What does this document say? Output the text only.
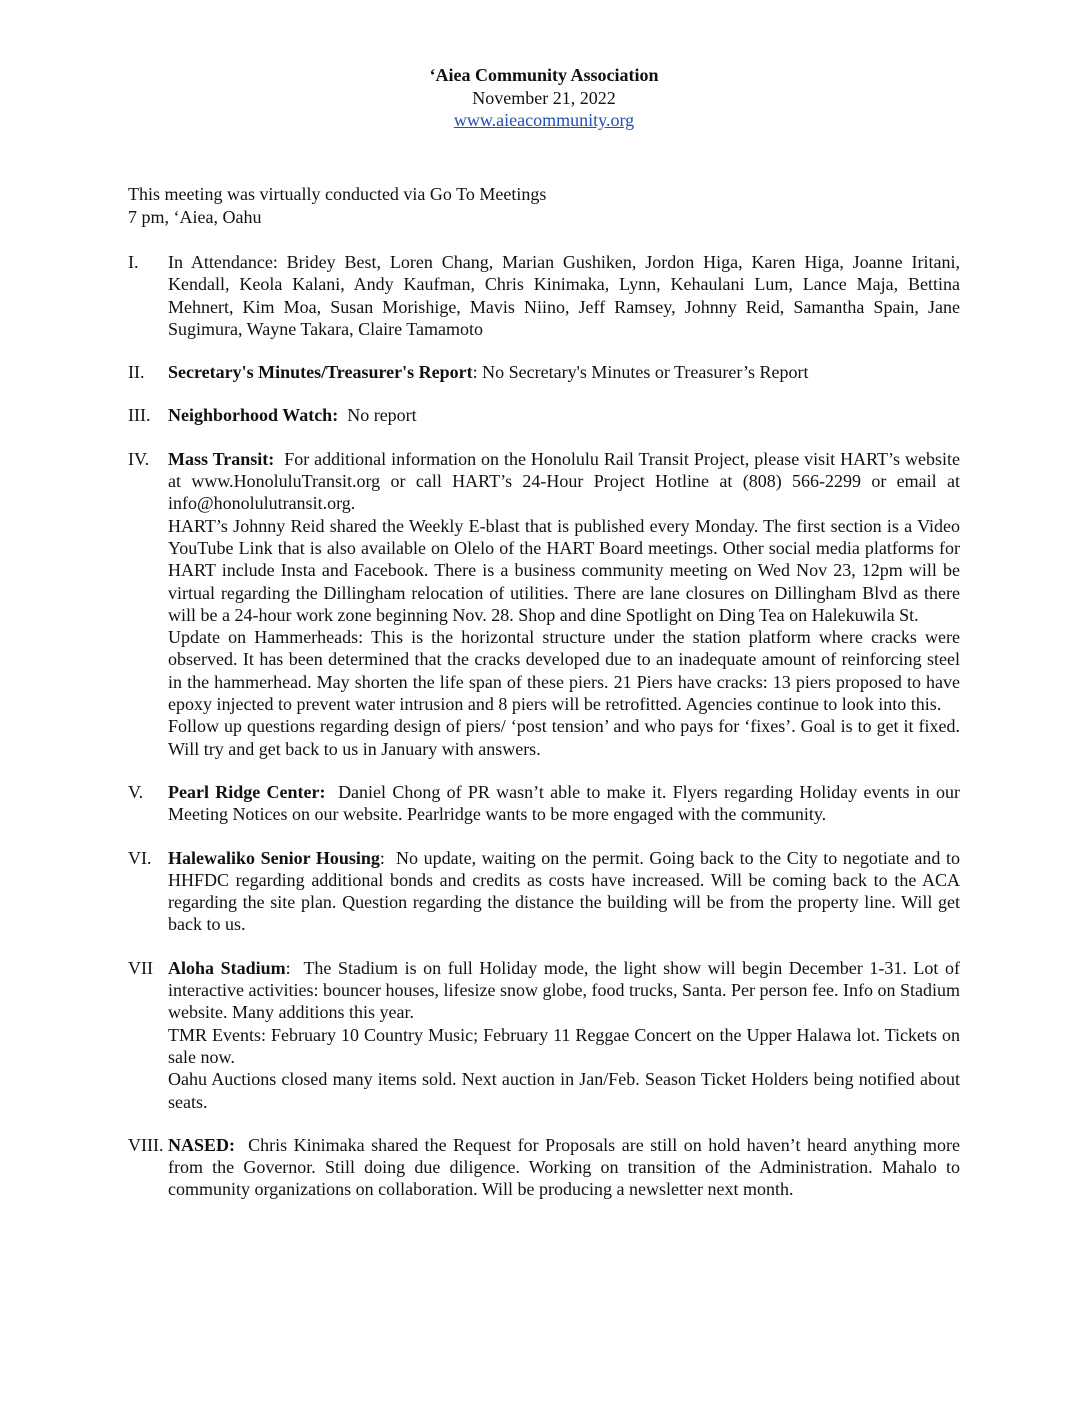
‘Aiea Community Association
November 21, 2022
www.aieacommunity.org
This meeting was virtually conducted via Go To Meetings
7 pm, ‘Aiea, Oahu
I. In Attendance: Bridey Best, Loren Chang, Marian Gushiken, Jordon Higa, Karen Higa, Joanne Iritani, Kendall, Keola Kalani, Andy Kaufman, Chris Kinimaka, Lynn, Kehaulani Lum, Lance Maja, Bettina Mehnert, Kim Moa, Susan Morishige, Mavis Niino, Jeff Ramsey, Johnny Reid, Samantha Spain, Jane Sugimura, Wayne Takara, Claire Tamamoto

II. Secretary's Minutes/Treasurer's Report: No Secretary's Minutes or Treasurer’s Report

III. Neighborhood Watch: No report

IV. Mass Transit: For additional information on the Honolulu Rail Transit Project, please visit HART’s website at www.HonoluluTransit.org or call HART’s 24-Hour Project Hotline at (808) 566-2299 or email at info@honolulutransit.org.

HART’s Johnny Reid shared the Weekly E-blast that is published every Monday. The first section is a Video YouTube Link that is also available on Olelo of the HART Board meetings. Other social media platforms for HART include Insta and Facebook. There is a business community meeting on Wed Nov 23, 12pm will be virtual regarding the Dillingham relocation of utilities. There are lane closures on Dillingham Blvd as there will be a 24-hour work zone beginning Nov. 28. Shop and dine Spotlight on Ding Tea on Halekuwila St.

Update on Hammerheads: This is the horizontal structure under the station platform where cracks were observed. It has been determined that the cracks developed due to an inadequate amount of reinforcing steel in the hammerhead. May shorten the life span of these piers. 21 Piers have cracks: 13 piers proposed to have epoxy injected to prevent water intrusion and 8 piers will be retrofitted. Agencies continue to look into this.

Follow up questions regarding design of piers/ ‘post tension’ and who pays for ‘fixes’. Goal is to get it fixed. Will try and get back to us in January with answers.

V. Pearl Ridge Center: Daniel Chong of PR wasn’t able to make it. Flyers regarding Holiday events in our Meeting Notices on our website. Pearlridge wants to be more engaged with the community.

VI. Halewaliko Senior Housing:  No update, waiting on the permit. Going back to the City to negotiate and to HHFDC regarding additional bonds and credits as costs have increased. Will be coming back to the ACA regarding the site plan. Question regarding the distance the building will be from the property line. Will get back to us.

VII Aloha Stadium:  The Stadium is on full Holiday mode, the light show will begin December 1-31. Lot of interactive activities: bouncer houses, lifesize snow globe, food trucks, Santa. Per person fee. Info on Stadium website. Many additions this year.

TMR Events: February 10 Country Music; February 11 Reggae Concert on the Upper Halawa lot. Tickets on sale now.

Oahu Auctions closed many items sold. Next auction in Jan/Feb. Season Ticket Holders being notified about seats.

VIII. NASED: Chris Kinimaka shared the Request for Proposals are still on hold haven’t heard anything more from the Governor. Still doing due diligence. Working on transition of the Administration. Mahalo to community organizations on collaboration. Will be producing a newsletter next month.
